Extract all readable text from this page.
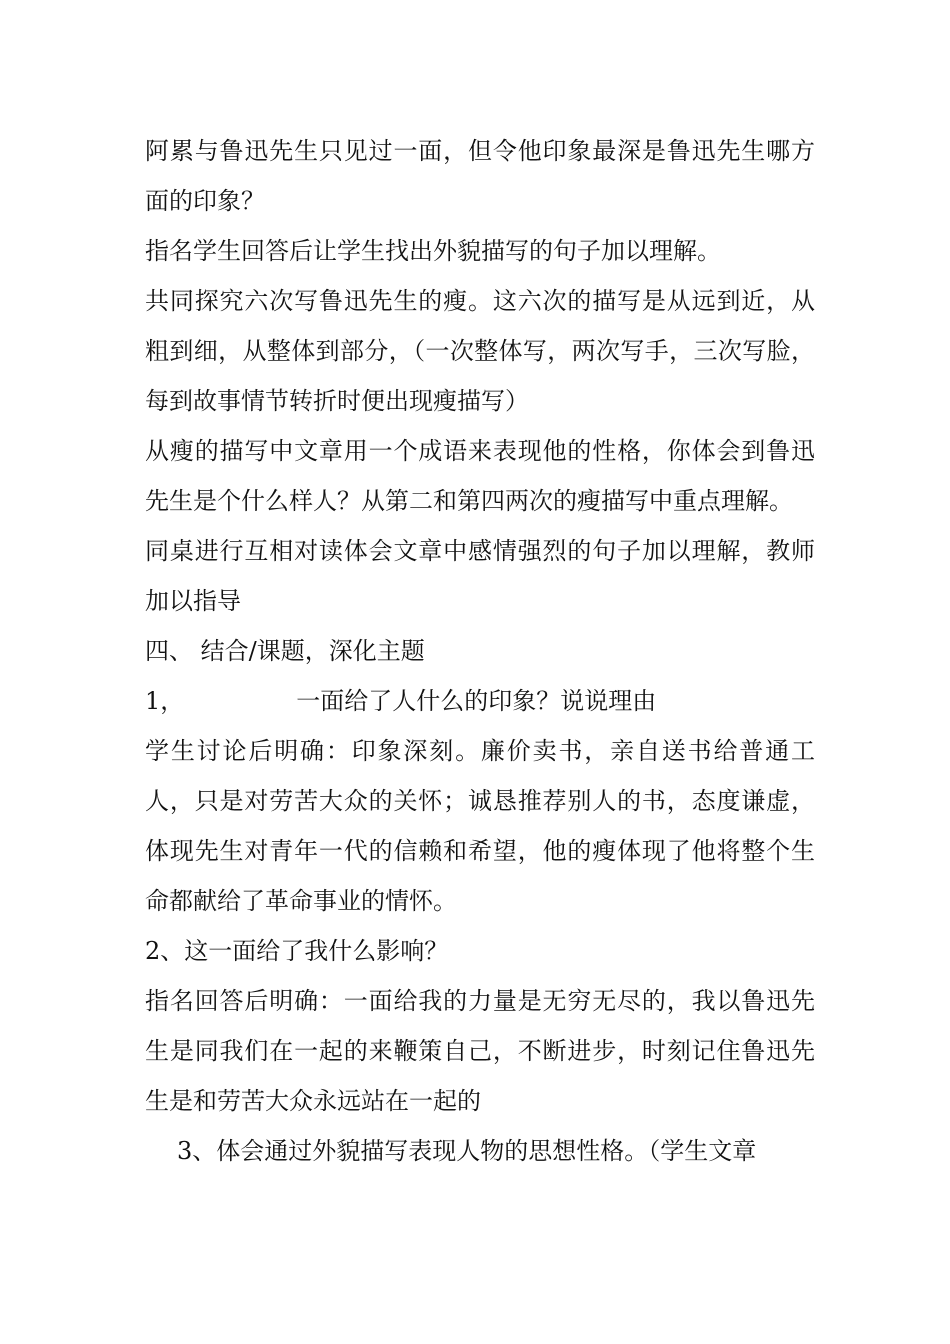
阿累与鲁迅先生只见过一面，但令他印象最深是鲁迅先生哪方面的印象？

指名学生回答后让学生找出外貌描写的句子加以理解。

共同探究六次写鲁迅先生的瘦。这六次的描写是从远到近，从粗到细，从整体到部分，（一次整体写，两次写手，三次写脸，每到故事情节转折时便出现瘦描写）

从瘦的描写中文章用一个成语来表现他的性格，你体会到鲁迅先生是个什么样人？从第二和第四两次的瘦描写中重点理解。

同桌进行互相对读体会文章中感情强烈的句子加以理解，教师加以指导

四、 结合/课题，深化主题

1，	一面给了人什么的印象？说说理由

学生讨论后明确：印象深刻。廉价卖书，亲自送书给普通工人，只是对劳苦大众的关怀；诚恳推荐别人的书，态度谦虚，体现先生对青年一代的信赖和希望，他的瘦体现了他将整个生命都献给了革命事业的情怀。

2、这一面给了我什么影响？

指名回答后明确：一面给我的力量是无穷无尽的，我以鲁迅先生是同我们在一起的来鞭策自己，不断进步，时刻记住鲁迅先生是和劳苦大众永远站在一起的

3、体会通过外貌描写表现人物的思想性格。（学生文章
